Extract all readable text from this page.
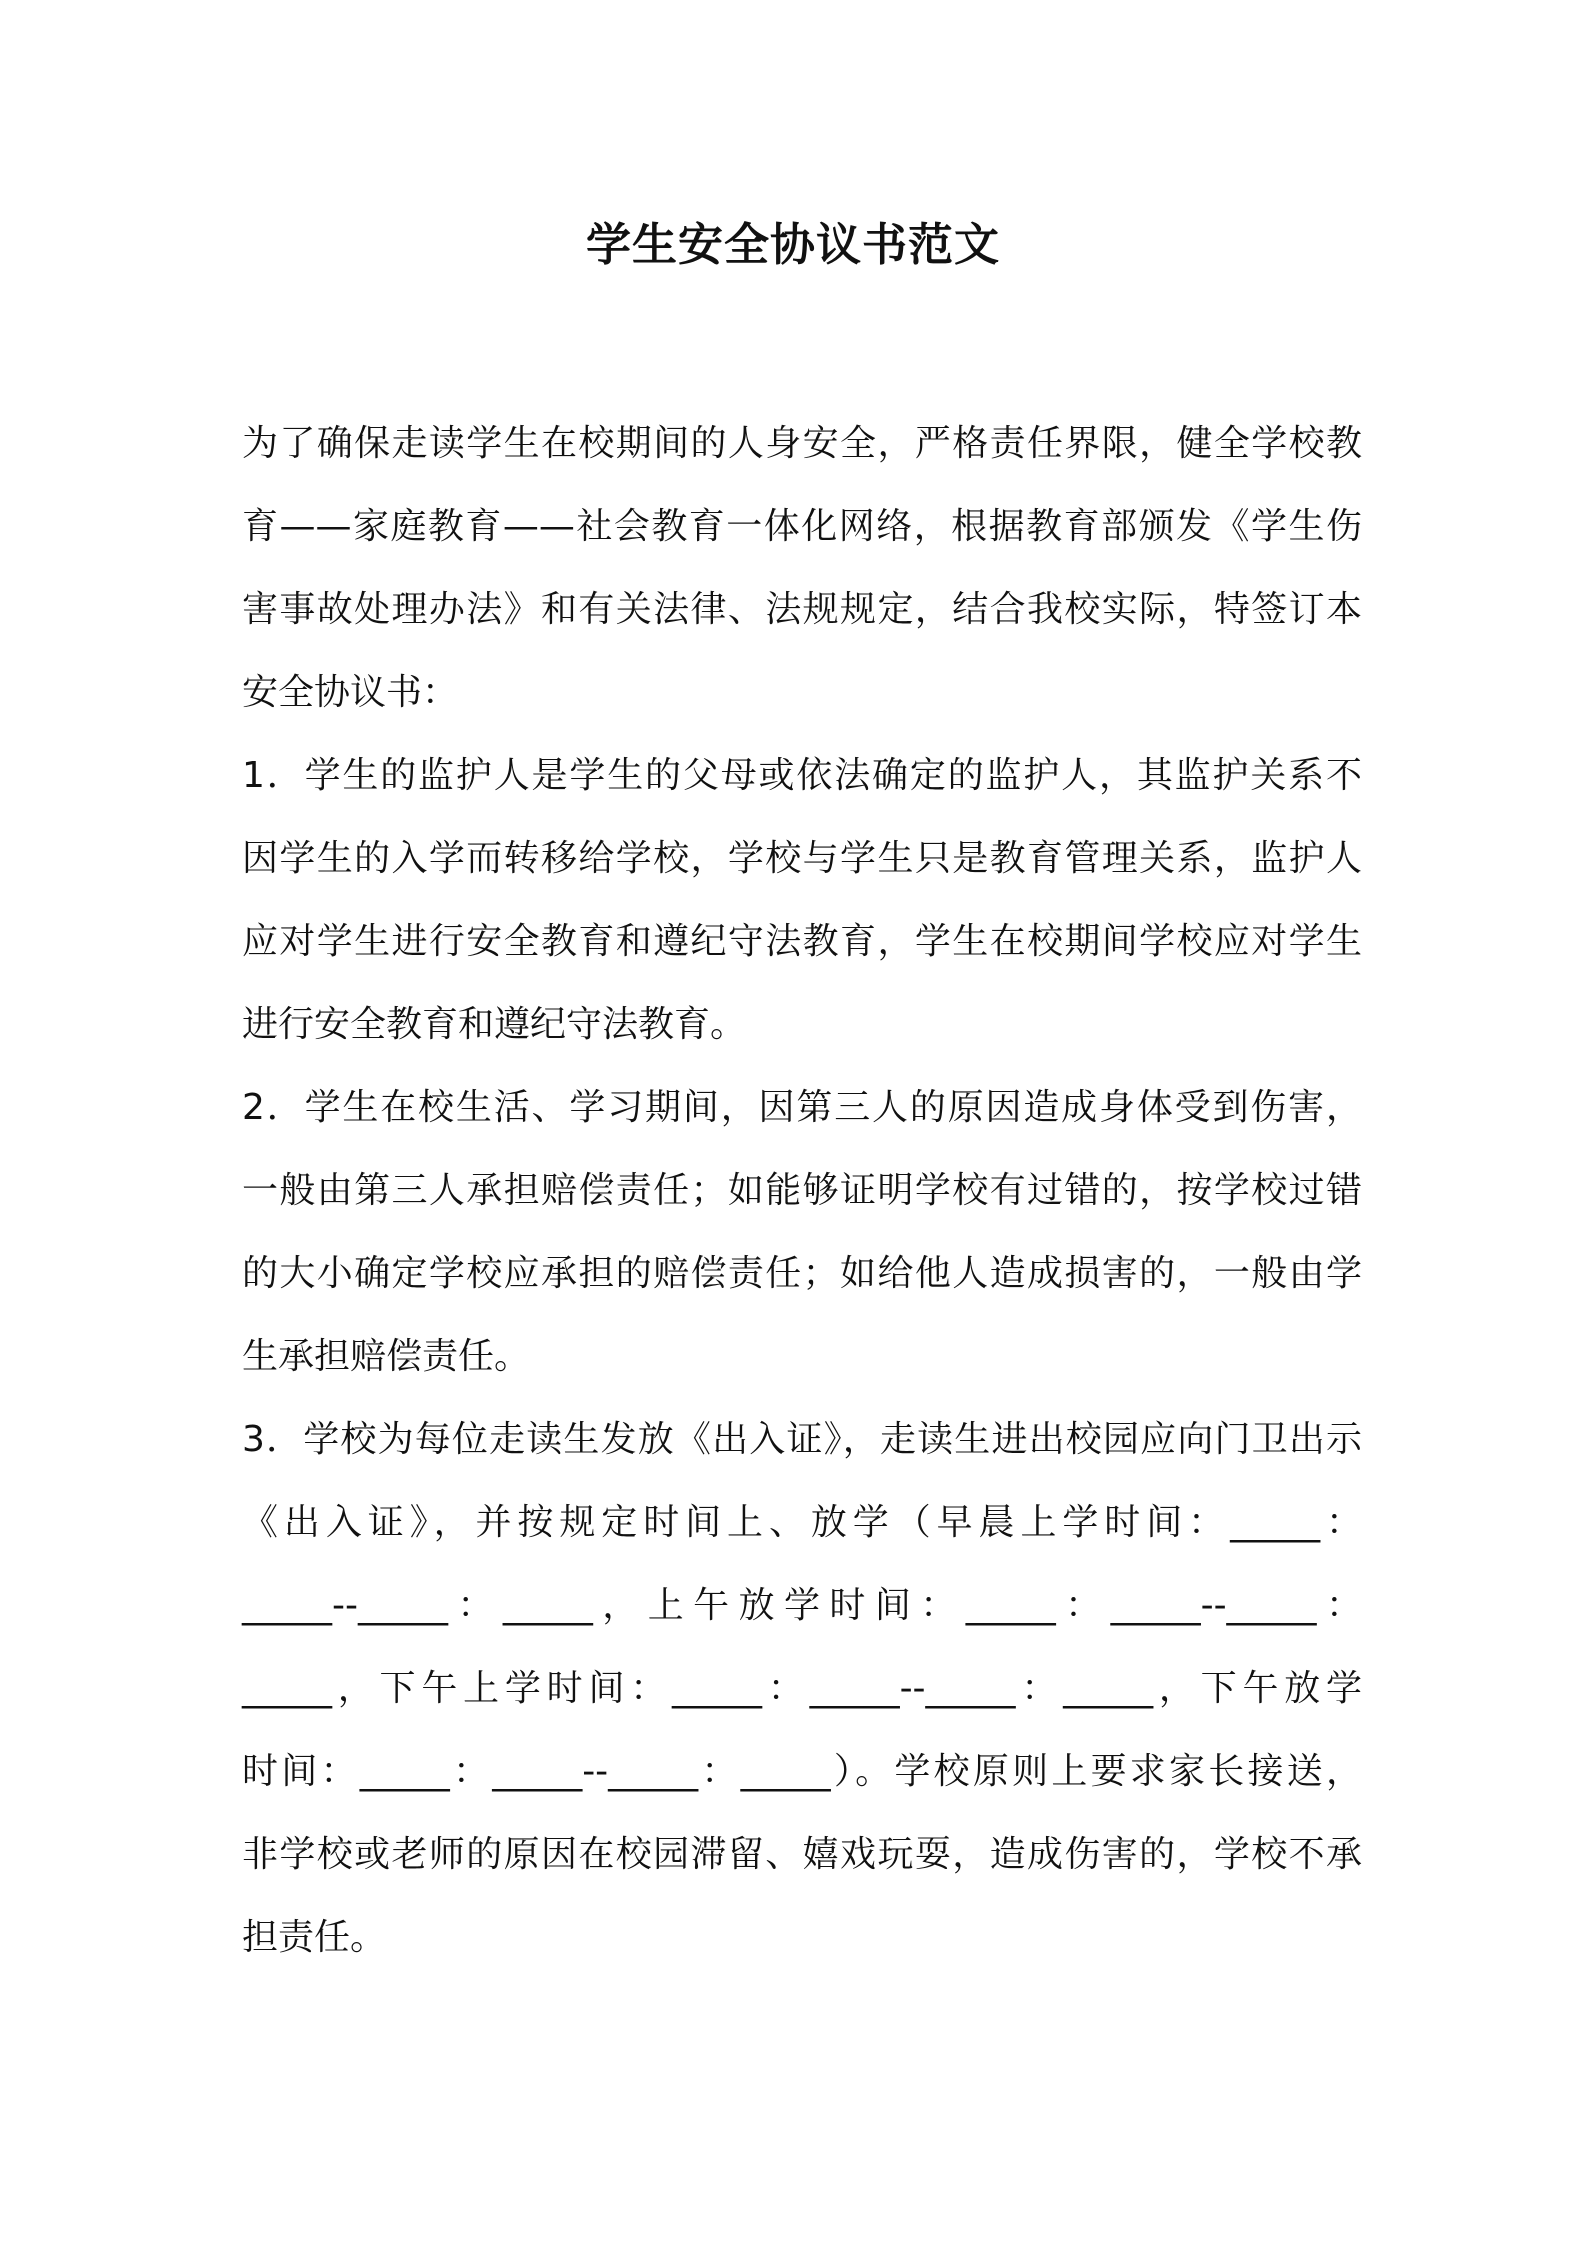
学生安全协议书范文
为了确保走读学生在校期间的人身安全，严格责任界限，健全学校教
育——家庭教育——社会教育一体化网络，根据教育部颁发《学生伤
害事故处理办法》和有关法律、法规规定，结合我校实际，特签订本
安全协议书：
1．学生的监护人是学生的父母或依法确定的监护人，其监护关系不
因学生的入学而转移给学校，学校与学生只是教育管理关系，监护人
应对学生进行安全教育和遵纪守法教育，学生在校期间学校应对学生
进行安全教育和遵纪守法教育。
2．学生在校生活、学习期间，因第三人的原因造成身体受到伤害，
一般由第三人承担赔偿责任；如能够证明学校有过错的，按学校过错
的大小确定学校应承担的赔偿责任；如给他人造成损害的，一般由学
生承担赔偿责任。
3．学校为每位走读生发放《出入证》，走读生进出校园应向门卫出示
《出入证》，并按规定时间上、放学（早晨上学时间：_____：
_____--_____：_____，上午放学时间：_____：_____--_____：
_____，下午上学时间：_____：_____--_____：_____，下午放学
时间：_____：_____--_____：_____）。学校原则上要求家长接送，
非学校或老师的原因在校园滞留、嬉戏玩耍，造成伤害的，学校不承
担责任。
